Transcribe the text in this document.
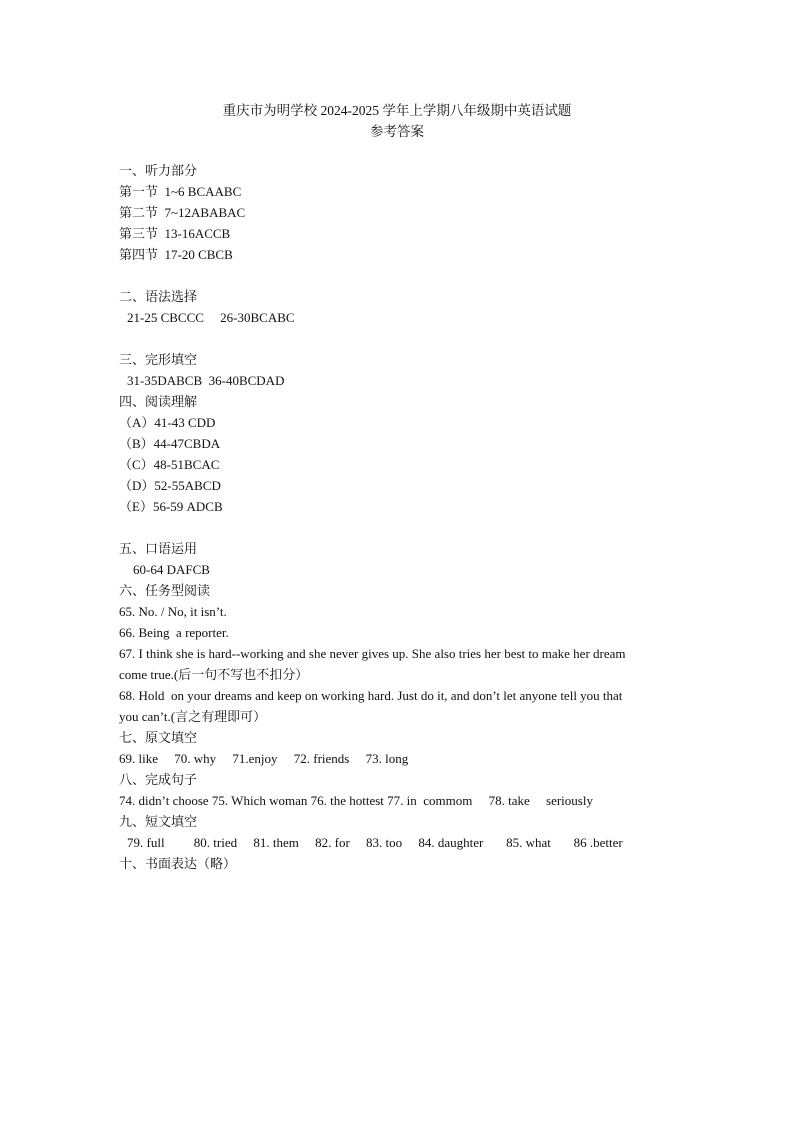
重庆市为明学校 2024-2025 学年上学期八年级期中英语试题
参考答案
一、听力部分
第一节  1~6 BCAABC
第二节  7~12ABABAC
第三节  13-16ACCB
第四节  17-20 CBCB
二、语法选择
21-25 CBCCC     26-30BCABC
三、完形填空
31-35DABCB  36-40BCDAD
四、阅读理解
（A）41-43 CDD
（B）44-47CBDA
（C）48-51BCAC
（D）52-55ABCD
（E）56-59 ADCB
五、口语运用
60-64 DAFCB
六、任务型阅读
65. No. / No, it isn’t.
66. Being  a reporter.
67. I think she is hard--working and she never gives up. She also tries her best to make her dream
come true.(后一句不写也不扣分）
68. Hold  on your dreams and keep on working hard. Just do it, and don’t let anyone tell you that
you can’t.(言之有理即可）
七、原文填空
69. like     70. why     71.enjoy     72. friends     73. long
八、完成句子
74. didn’t choose 75. Which woman 76. the hottest 77. in  commom     78. take     seriously
九、短文填空
79. full         80. tried     81. them     82. for     83. too     84. daughter       85. what       86 .better
十、书面表达（略）
